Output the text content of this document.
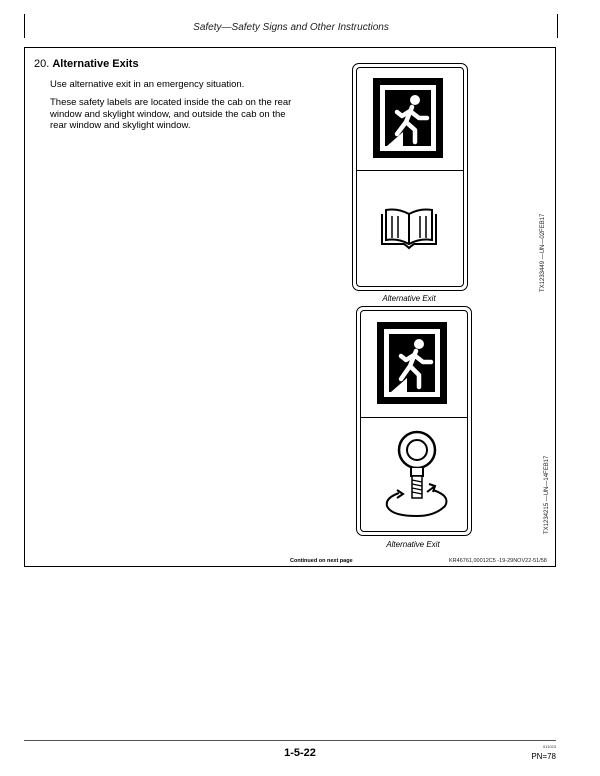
Safety—Safety Signs and Other Instructions
20. Alternative Exits
Use alternative exit in an emergency situation.
These safety labels are located inside the cab on the rear window and skylight window, and outside the cab on the rear window and skylight window.
Alternative Exit
TX1233449 —UN—02FEB17
Alternative Exit
TX1234215 —UN—14FEB17
Continued on next page	KR46761,00012C5 -19-29NOV22-51/58
1-5-22
011023
PN=78
